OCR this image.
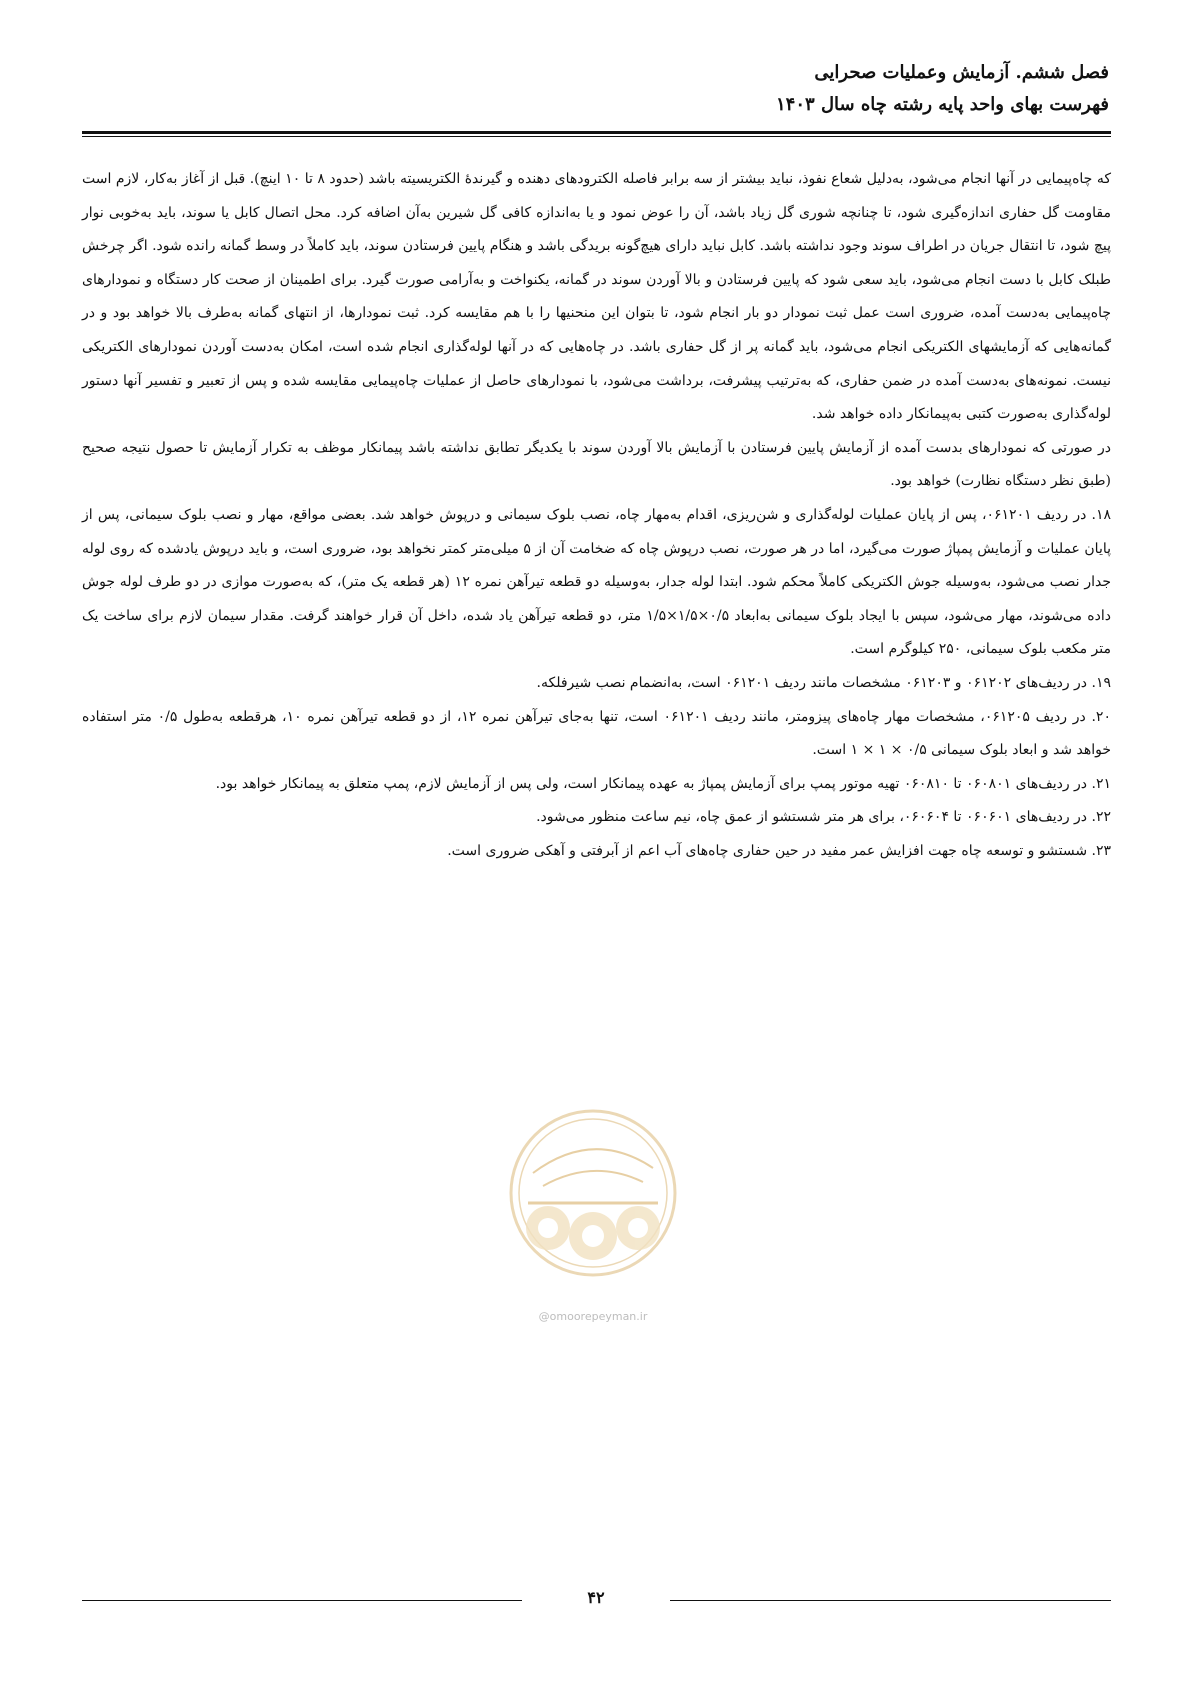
فصل ششم. آزمایش وعملیات صحرایی
فهرست بهای واحد پایه رشته چاه سال ۱۴۰۳

که چاه‌پیمایی در آنها انجام می‌شود، به‌دلیل شعاع نفوذ، نباید بیشتر از سه برابر فاصله الکترودهای دهنده و گیرندۀ الکتریسیته باشد (حدود ۸ تا ۱۰ اینچ). قبل از آغاز به‌کار، لازم است مقاومت گل حفاری اندازه‌گیری شود، تا چنانچه شوری گل زیاد باشد، آن را عوض نمود و یا به‌اندازه کافی گل شیرین به‌آن اضافه کرد. محل اتصال کابل یا سوند، باید به‌خوبی نوار پیچ شود، تا انتقال جریان در اطراف سوند وجود نداشته باشد. کابل نباید دارای هیچ‌گونه بریدگی باشد و هنگام پایین فرستادن سوند، باید کاملاً در وسط گمانه رانده شود. اگر چرخش طبلک کابل با دست انجام می‌شود، باید سعی شود که پایین فرستادن و بالا آوردن سوند در گمانه، یکنواخت و به‌آرامی صورت گیرد. برای اطمینان از صحت کار دستگاه و نمودارهای چاه‌پیمایی به‌دست آمده، ضروری است عمل ثبت نمودار دو بار انجام شود، تا بتوان این منحنیها را با هم مقایسه کرد. ثبت نمودارها، از انتهای گمانه به‌طرف بالا خواهد بود و در گمانه‌هایی که آزمایشهای الکتریکی انجام می‌شود، باید گمانه پر از گل حفاری باشد. در چاه‌هایی که در آنها لوله‌گذاری انجام شده است، امکان به‌دست آوردن نمودارهای الکتریکی نیست. نمونه‌های به‌دست آمده در ضمن حفاری، که به‌ترتیب پیشرفت، برداشت می‌شود، با نمودارهای حاصل از عملیات چاه‌پیمایی مقایسه شده و پس از تعبیر و تفسیر آنها دستور لوله‌گذاری به‌صورت کتبی به‌پیمانکار داده خواهد شد.

در صورتی که نمودارهای بدست آمده از آزمایش پایین فرستادن با آزمایش بالا آوردن سوند با یکدیگر تطابق نداشته باشد پیمانکار موظف به تکرار آزمایش تا حصول نتیجه صحیح (طبق نظر دستگاه نظارت) خواهد بود.

۱۸. در ردیف ۰۶۱۲۰۱، پس از پایان عملیات لوله‌گذاری و شن‌ریزی، اقدام به‌مهار چاه، نصب بلوک سیمانی و درپوش خواهد شد. بعضی مواقع، مهار و نصب بلوک سیمانی، پس از پایان عملیات و آزمایش پمپاژ صورت می‌گیرد، اما در هر صورت، نصب درپوش چاه که ضخامت آن از ۵ میلی‌متر کمتر نخواهد بود، ضروری است، و باید درپوش یادشده که روی لوله جدار نصب می‌شود، به‌وسیله جوش الکتریکی کاملاً محکم شود. ابتدا لوله جدار، به‌وسیله دو قطعه تیرآهن نمره ۱۲ (هر قطعه یک متر)، که به‌صورت موازی در دو طرف لوله جوش داده می‌شوند، مهار می‌شود، سپس با ایجاد بلوک سیمانی به‌ابعاد ۰/۵×۱/۵×۱/۵ متر، دو قطعه تیرآهن یاد شده، داخل آن قرار خواهند گرفت. مقدار سیمان لازم برای ساخت یک متر مکعب بلوک سیمانی، ۲۵۰ کیلوگرم است.

۱۹. در ردیف‌های ۰۶۱۲۰۲ و ۰۶۱۲۰۳ مشخصات مانند ردیف ۰۶۱۲۰۱ است، به‌انضمام نصب شیرفلکه.

۲۰. در ردیف ۰۶۱۲۰۵، مشخصات مهار چاه‌های پیزومتر، مانند ردیف ۰۶۱۲۰۱ است، تنها به‌جای تیرآهن نمره ۱۲، از دو قطعه تیرآهن نمره ۱۰، هرقطعه به‌طول ۰/۵ متر استفاده خواهد شد و ابعاد بلوک سیمانی ۰/۵ × ۱ × ۱ است.

۲۱. در ردیف‌های ۰۶۰۸۰۱ تا ۰۶۰۸۱۰ تهیه موتور پمپ برای آزمایش پمپاژ به عهده پیمانکار است، ولی پس از آزمایش لازم، پمپ متعلق به پیمانکار خواهد بود.

۲۲. در ردیف‌های ۰۶۰۶۰۱ تا ۰۶۰۶۰۴، برای هر متر شستشو از عمق چاه، نیم ساعت منظور می‌شود.

۲۳. شستشو و توسعه چاه جهت افزایش عمر مفید در حین حفاری چاه‌های آب اعم از آبرفتی و آهکی ضروری است.

@omoorepeyman.ir
۴۲
